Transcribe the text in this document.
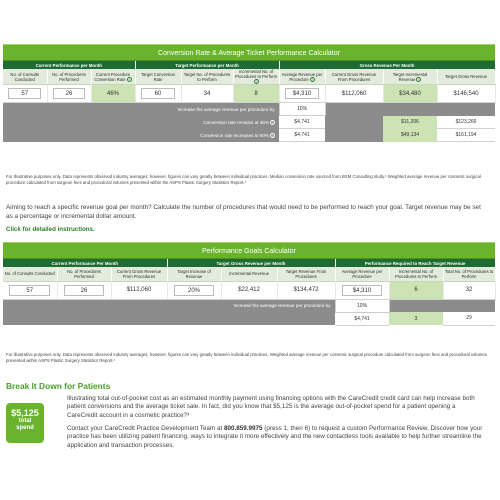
Conversion Rate & Average Ticket Performance Calculator
Current Performance per Month			Target Performance per Month			Gross Revenue Per Month			
No. of Consults Conducted	No. of Procedures Performed	Current Procedure Conversion Rate i	Target Conversion Rate	Target No. of Procedures to Perform	Incremental No. of Procedures to Performi	Average Revenue per Procedure i	Current Gross Revenue From Procedures	Target Incremental Revenue i	Target Gross Revenue
57	26	46%	60	34	8	$4,310	$112,060	$34,480	$146,540
Increase the average revenue per procedure by						10%			
Conversion rate remains at 46% i						$4,741		$11,206	$123,266
Conversion rate increases to 60% i						$4,741		$49,134	$161,194
For illustrative purposes only. Data represents observed industry averages; however, figures can vary greatly between individual practices. Median conversion rate sourced from BSM Consulting study.¹ Weighted average revenue per cosmetic surgical procedure calculated from surgeon fees and procedural volumes presented within the ASPS Plastic Surgery Statistics Report.²
Aiming to reach a specific revenue goal per month? Calculate the number of procedures that would need to be performed to reach your goal. Target revenue may be set as a percentage or incremental dollar amount.
Click for detailed instructions.
Performance Goals Calculator
Current Performance Per Month			Target Gross Revenue per Month			Performance Required to Reach Target Revenue		
No. of Consults Conducted	No. of Procedures Performed	Current Gross Revenue From Procedures	Target Increase of Revenue	Incremental Revenue	Target Revenue From Procedures	Average Revenue per Procedure	Incremental No. of Procedures to Perform	Total No. of Procedures to Perform
57	26	$112,060	20%	$22,412	$134,472	$4,310	6	32
Increase the average revenue per procedure by						10%		
						$4,741	3	29
For illustrative purposes only. Data represents observed industry averages; however, figures can vary greatly between individual practices. Weighted average revenue per cosmetic surgical procedure calculated from surgeon fees and procedural volumes presented within ASPS Plastic Surgery Statistics Report.²
Break It Down for Patients
$5,125
total
spend
Illustrating total out-of-pocket cost as an estimated monthly payment using financing options with the CareCredit credit card can help increase both patient conversions and the average ticket sale. In fact, did you know that $5,125 is the average out-of-pocket spend for a patient opening a CareCredit account in a cosmetic practice?³
Contact your CareCredit Practice Development Team at 800.859.9975 (press 1, then 6) to request a custom Performance Review. Discover how your practice has been utilizing patient financing, ways to integrate it more effectively and the new contactless tools available to help further streamline the application and transaction processes.
